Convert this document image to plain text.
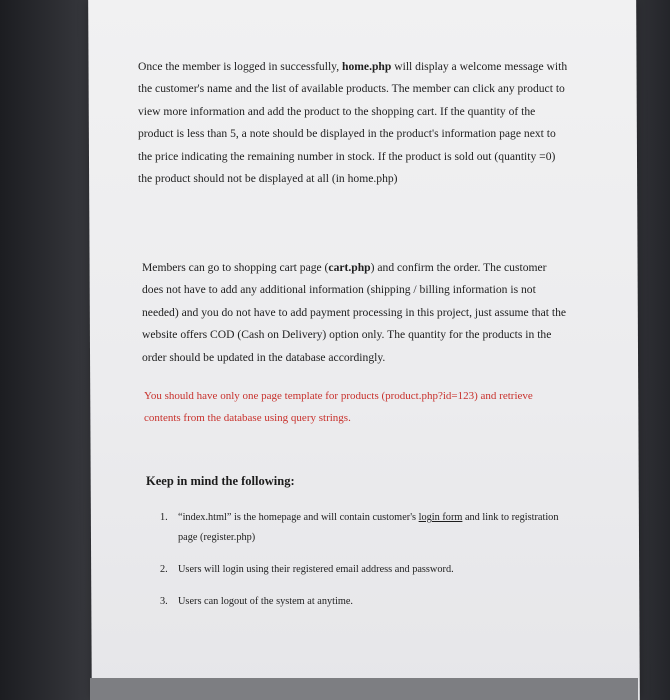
Once the member is logged in successfully, home.php will display a welcome message with the customer's name and the list of available products. The member can click any product to view more information and add the product to the shopping cart. If the quantity of the product is less than 5, a note should be displayed in the product's information page next to the price indicating the remaining number in stock. If the product is sold out (quantity =0) the product should not be displayed at all (in home.php)

Members can go to shopping cart page (cart.php) and confirm the order. The customer does not have to add any additional information (shipping / billing information is not needed) and you do not have to add payment processing in this project, just assume that the website offers COD (Cash on Delivery) option only. The quantity for the products in the order should be updated in the database accordingly.

You should have only one page template for products (product.php?id=123) and retrieve contents from the database using query strings.

Keep in mind the following:

1. “index.html” is the homepage and will contain customer's login form and link to registration page (register.php)
2. Users will login using their registered email address and password.
3. Users can logout of the system at anytime.
